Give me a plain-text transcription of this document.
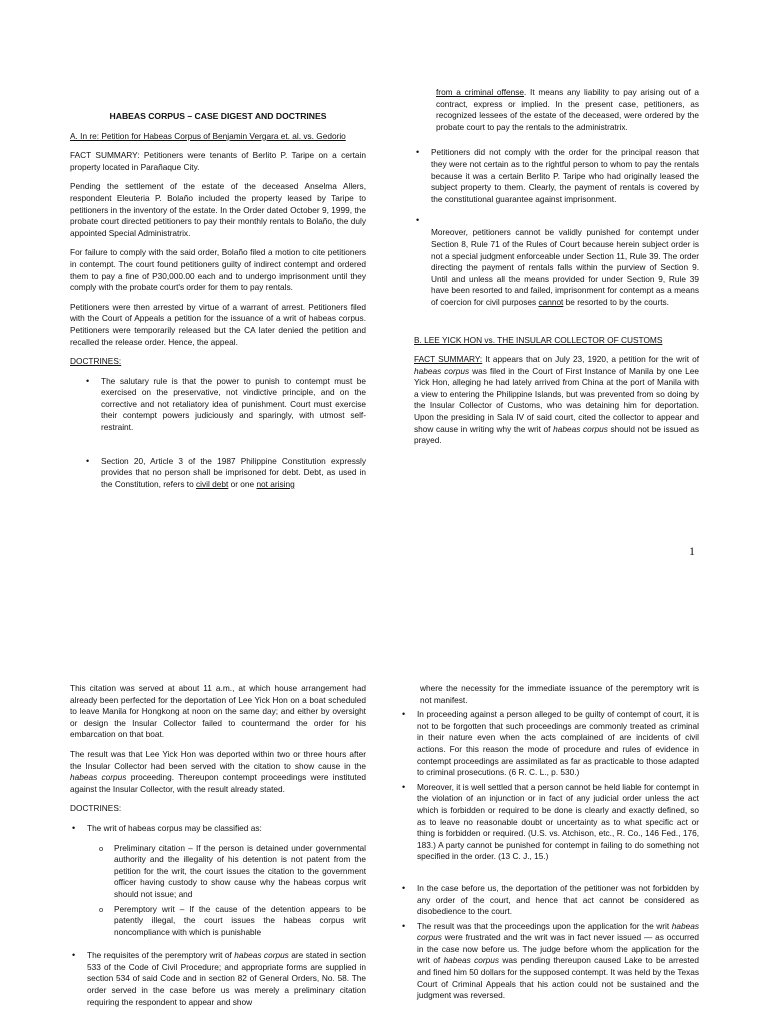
HABEAS CORPUS – CASE DIGEST AND DOCTRINES

A. In re: Petition for Habeas Corpus of Benjamin Vergara et. al. vs. Gedorio

FACT SUMMARY: Petitioners were tenants of Berlito P. Taripe on a certain property located in Parañaque City.

Pending the settlement of the estate of the deceased Anselma Allers, respondent Eleuteria P. Bolaño included the property leased by Taripe to petitioners in the inventory of the estate. In the Order dated October 9, 1999, the probate court directed petitioners to pay their monthly rentals to Bolaño, the duly appointed Special Administratrix.

For failure to comply with the said order, Bolaño filed a motion to cite petitioners in contempt. The court found petitioners guilty of indirect contempt and ordered them to pay a fine of P30,000.00 each and to undergo imprisonment until they comply with the probate court's order for them to pay rentals.

Petitioners were then arrested by virtue of a warrant of arrest. Petitioners filed with the Court of Appeals a petition for the issuance of a writ of habeas corpus. Petitioners were temporarily released but the CA later denied the petition and recalled the release order. Hence, the appeal.

DOCTRINES:

• The salutary rule is that the power to punish to contempt must be exercised on the preservative, not vindictive principle, and on the corrective and not retaliatory idea of punishment. Court must exercise their contempt powers judiciously and sparingly, with utmost self-restraint.
• Section 20, Article 3 of the 1987 Philippine Constitution expressly provides that no person shall be imprisoned for debt. Debt, as used in the Constitution, refers to civil debt or one not arising

from a criminal offense. It means any liability to pay arising out of a contract, express or implied. In the present case, petitioners, as recognized lessees of the estate of the deceased, were ordered by the probate court to pay the rentals to the administratrix.

• Petitioners did not comply with the order for the principal reason that they were not certain as to the rightful person to whom to pay the rentals because it was a certain Berlito P. Taripe who had originally leased the subject property to them. Clearly, the payment of rentals is covered by the constitutional guarantee against imprisonment.
• Moreover, petitioners cannot be validly punished for contempt under Section 8, Rule 71 of the Rules of Court because herein subject order is not a special judgment enforceable under Section 11, Rule 39. The order directing the payment of rentals falls within the purview of Section 9. Until and unless all the means provided for under Section 9, Rule 39 have been resorted to and failed, imprisonment for contempt as a means of coercion for civil purposes cannot be resorted to by the courts.

B. LEE YICK HON vs. THE INSULAR COLLECTOR OF CUSTOMS

FACT SUMMARY: It appears that on July 23, 1920, a petition for the writ of habeas corpus was filed in the Court of First Instance of Manila by one Lee Yick Hon, alleging he had lately arrived from China at the port of Manila with a view to entering the Philippine Islands, but was prevented from so doing by the Insular Collector of Customs, who was detaining him for deportation. Upon the presiding in Sala IV of said court, cited the collector to appear and show cause in writing why the writ of habeas corpus should not be issued as prayed.

1

This citation was served at about 11 a.m., at which house arrangement had already been perfected for the deportation of Lee Yick Hon on a boat scheduled to leave Manila for Hongkong at noon on the same day; and either by oversight or design the Insular Collector failed to countermand the order for his embarcation on that boat.

The result was that Lee Yick Hon was deported within two or three hours after the Insular Collector had been served with the citation to show cause in the habeas corpus proceeding. Thereupon contempt proceedings were instituted against the Insular Collector, with the result already stated.

DOCTRINES:

• The writ of habeas corpus may be classified as:
o Preliminary citation – If the person is detained under governmental authority and the illegality of his detention is not patent from the petition for the writ, the court issues the citation to the government officer having custody to show cause why the habeas corpus writ should not issue; and
o Peremptory writ – If the cause of the detention appears to be patently illegal, the court issues the habeas corpus writ noncompliance with which is punishable
• The requisites of the peremptory writ of habeas corpus are stated in section 533 of the Code of Civil Procedure; and appropriate forms are supplied in section 534 of said Code and in section 82 of General Orders, No. 58. The order served in the case before us was merely a preliminary citation requiring the respondent to appear and show

where the necessity for the immediate issuance of the peremptory writ is not manifest.

• In proceeding against a person alleged to be guilty of contempt of court, it is not to be forgotten that such proceedings are commonly treated as criminal in their nature even when the acts complained of are incidents of civil actions. For this reason the mode of procedure and rules of evidence in contempt proceedings are assimilated as far as practicable to those adapted to criminal prosecutions. (6 R. C. L., p. 530.)
• Moreover, it is well settled that a person cannot be held liable for contempt in the violation of an injunction or in fact of any judicial order unless the act which is forbidden or required to be done is clearly and exactly defined, so as to leave no reasonable doubt or uncertainty as to what specific act or thing is forbidden or required. (U.S. vs. Atchison, etc., R. Co., 146 Fed., 176, 183.) A party cannot be punished for contempt in failing to do something not specified in the order. (13 C. J., 15.)
• In the case before us, the deportation of the petitioner was not forbidden by any order of the court, and hence that act cannot be considered as disobedience to the court.
• The result was that the proceedings upon the application for the writ habeas corpus were frustrated and the writ was in fact never issued — as occurred in the case now before us. The judge before whom the application for the writ of habeas corpus was pending thereupon caused Lake to be arrested and fined him 50 dollars for the supposed contempt. It was held by the Texas Court of Criminal Appeals that his action could not be sustained and the judgment was reversed.
